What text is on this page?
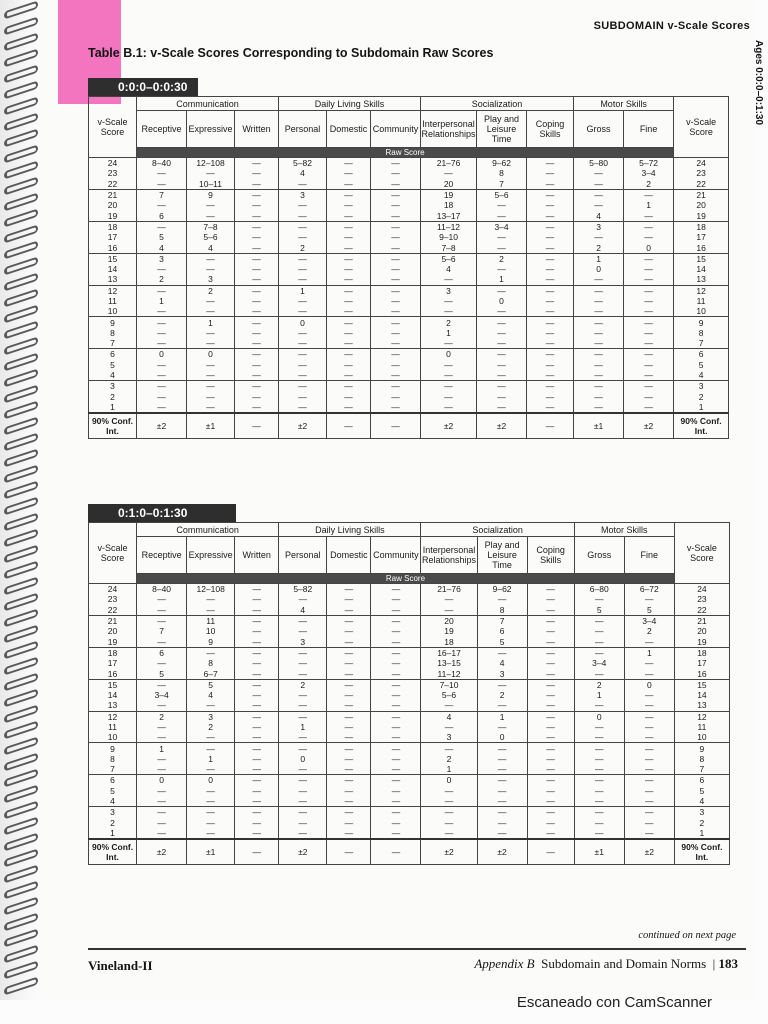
SUBDOMAIN v-Scale Scores
Ages 0:0:0–0:1:30
Table B.1: v-Scale Scores Corresponding to Subdomain Raw Scores
0:0:0–0:0:30
v-Scale Score	Communication			Daily Living Skills			Socialization			Motor Skills		v-Scale Score
	Receptive	Expressive	Written	Personal	Domestic	Community	Interpersonal Relationships	Play and Leisure Time	Coping Skills	Gross	Fine	
	Raw Score											
24	8–40	12–108	—	5–82	—	—	21–76	9–62	—	5–80	5–72	24
23	—	—	—	4	—	—	—	8	—	—	3–4	23
22	—	10–11	—	—	—	—	20	7	—	—	2	22
21	7	9	—	3	—	—	19	5–6	—	—	—	21
20	—	—	—	—	—	—	18	—	—	—	1	20
19	6	—	—	—	—	—	13–17	—	—	4	—	19
18	—	7–8	—	—	—	—	11–12	3–4	—	3	—	18
17	5	5–6	—	—	—	—	9–10	—	—	—	—	17
16	4	4	—	2	—	—	7–8	—	—	2	0	16
15	3	—	—	—	—	—	5–6	2	—	1	—	15
14	—	—	—	—	—	—	4	—	—	0	—	14
13	2	3	—	—	—	—	—	1	—	—	—	13
12	—	2	—	1	—	—	3	—	—	—	—	12
11	1	—	—	—	—	—	—	0	—	—	—	11
10	—	—	—	—	—	—	—	—	—	—	—	10
9	—	1	—	0	—	—	2	—	—	—	—	9
8	—	—	—	—	—	—	1	—	—	—	—	8
7	—	—	—	—	—	—	—	—	—	—	—	7
6	0	0	—	—	—	—	0	—	—	—	—	6
5	—	—	—	—	—	—	—	—	—	—	—	5
4	—	—	—	—	—	—	—	—	—	—	—	4
3	—	—	—	—	—	—	—	—	—	—	—	3
2	—	—	—	—	—	—	—	—	—	—	—	2
1	—	—	—	—	—	—	—	—	—	—	—	1
90% Conf. Int.	±2	±1	—	±2	—	—	±2	±2	—	±1	±2	90% Conf. Int.
0:1:0–0:1:30
v-Scale Score	Communication			Daily Living Skills			Socialization			Motor Skills		v-Scale Score
	Receptive	Expressive	Written	Personal	Domestic	Community	Interpersonal Relationships	Play and Leisure Time	Coping Skills	Gross	Fine	
	Raw Score											
24	8–40	12–108	—	5–82	—	—	21–76	9–62	—	6–80	6–72	24
23	—	—	—	—	—	—	—	—	—	—	—	23
22	—	—	—	4	—	—	—	8	—	5	5	22
21	—	11	—	—	—	—	20	7	—	—	3–4	21
20	7	10	—	—	—	—	19	6	—	—	2	20
19	—	9	—	3	—	—	18	5	—	—	—	19
18	6	—	—	—	—	—	16–17	—	—	—	1	18
17	—	8	—	—	—	—	13–15	4	—	3–4	—	17
16	5	6–7	—	—	—	—	11–12	3	—	—	—	16
15	—	5	—	2	—	—	7–10	—	—	2	0	15
14	3–4	4	—	—	—	—	5–6	2	—	1	—	14
13	—	—	—	—	—	—	—	—	—	—	—	13
12	2	3	—	—	—	—	4	1	—	0	—	12
11	—	2	—	1	—	—	—	—	—	—	—	11
10	—	—	—	—	—	—	3	0	—	—	—	10
9	1	—	—	—	—	—	—	—	—	—	—	9
8	—	1	—	0	—	—	2	—	—	—	—	8
7	—	—	—	—	—	—	1	—	—	—	—	7
6	0	0	—	—	—	—	0	—	—	—	—	6
5	—	—	—	—	—	—	—	—	—	—	—	5
4	—	—	—	—	—	—	—	—	—	—	—	4
3	—	—	—	—	—	—	—	—	—	—	—	3
2	—	—	—	—	—	—	—	—	—	—	—	2
1	—	—	—	—	—	—	—	—	—	—	—	1
90% Conf. Int.	±2	±1	—	±2	—	—	±2	±2	—	±1	±2	90% Conf. Int.
continued on next page
Vineland-II	Appendix B Subdomain and Domain Norms  | 183
Escaneado con CamScanner
